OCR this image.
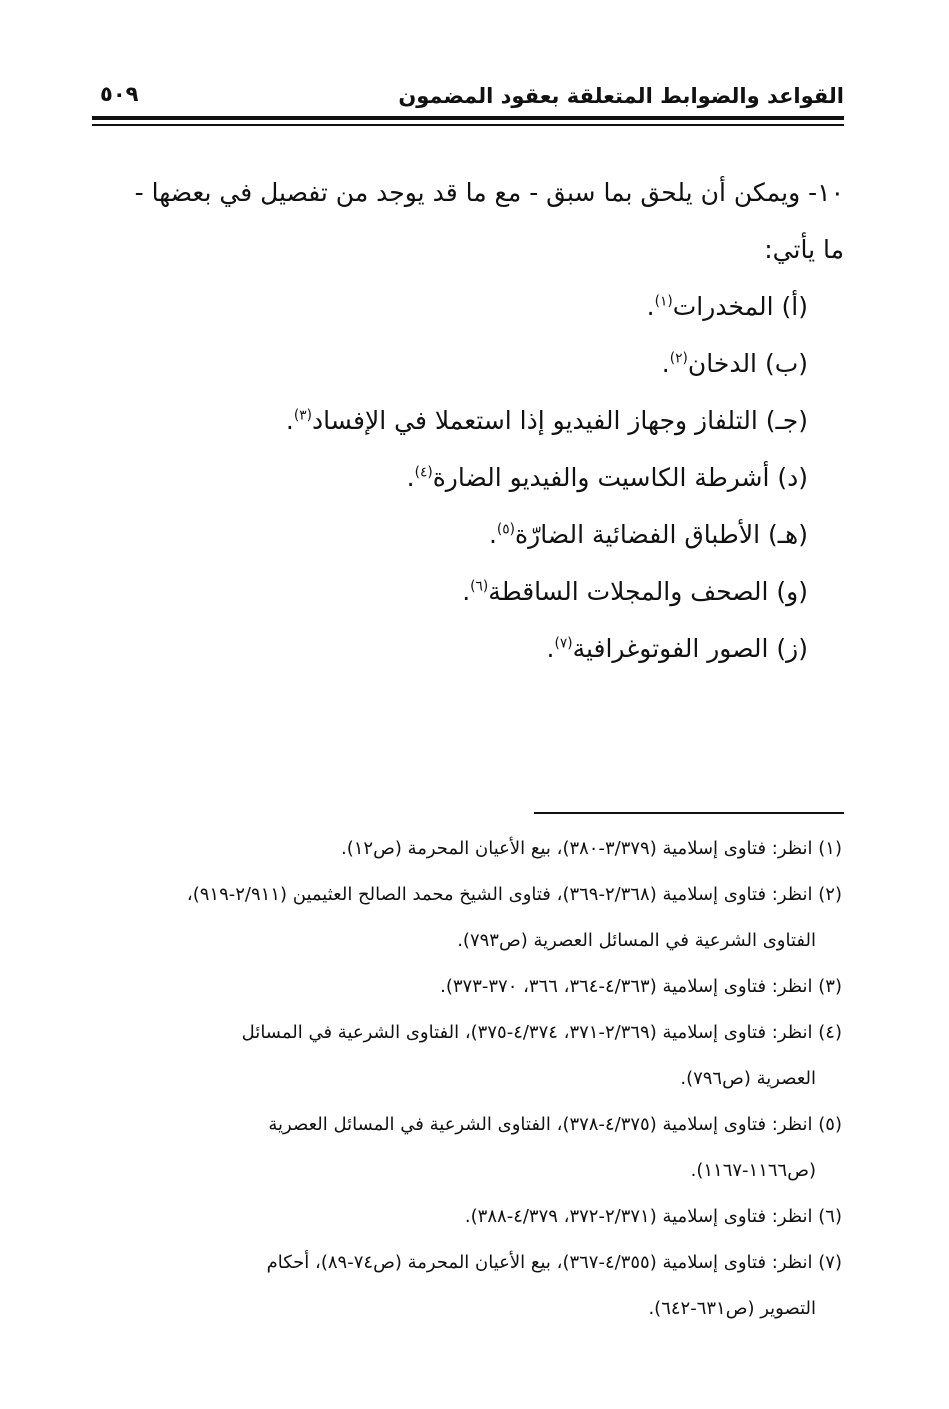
القواعد والضوابط المتعلقة بعقود المضمون
٥٠٩

١٠- ويمكن أن يلحق بما سبق - مع ما قد يوجد من تفصيل في بعضها -

ما يأتي:

(أ) المخدرات$^{(١)}$.
(ب) الدخان$^{(٢)}$.
(جـ) التلفاز وجهاز الفيديو إذا استعملا في الإفساد$^{(٣)}$.
(د) أشرطة الكاسيت والفيديو الضارة$^{(٤)}$.
(هـ) الأطباق الفضائية الضارّة$^{(٥)}$.
(و) الصحف والمجلات الساقطة$^{(٦)}$.
(ز) الصور الفوتوغرافية$^{(٧)}$.

(١) انظر: فتاوى إسلامية (٣/٣٧٩-٣٨٠)، بيع الأعيان المحرمة (ص١٢).

(٢) انظر: فتاوى إسلامية (٢/٣٦٨-٣٦٩)، فتاوى الشيخ محمد الصالح العثيمين (٢/٩١١-٩١٩)،

الفتاوى الشرعية في المسائل العصرية (ص٧٩٣).

(٣) انظر: فتاوى إسلامية (٤/٣٦٣-٣٦٤، ٣٦٦، ٣٧٠-٣٧٣).

(٤) انظر: فتاوى إسلامية (٢/٣٦٩-٣٧١، ٤/٣٧٤-٣٧٥)، الفتاوى الشرعية في المسائل

العصرية (ص٧٩٦).

(٥) انظر: فتاوى إسلامية (٤/٣٧٥-٣٧٨)، الفتاوى الشرعية في المسائل العصرية

(ص١١٦٦-١١٦٧).

(٦) انظر: فتاوى إسلامية (٢/٣٧١-٣٧٢، ٤/٣٧٩-٣٨٨).

(٧) انظر: فتاوى إسلامية (٤/٣٥٥-٣٦٧)، بيع الأعيان المحرمة (ص٧٤-٨٩)، أحكام

التصوير (ص٦٣١-٦٤٢).
